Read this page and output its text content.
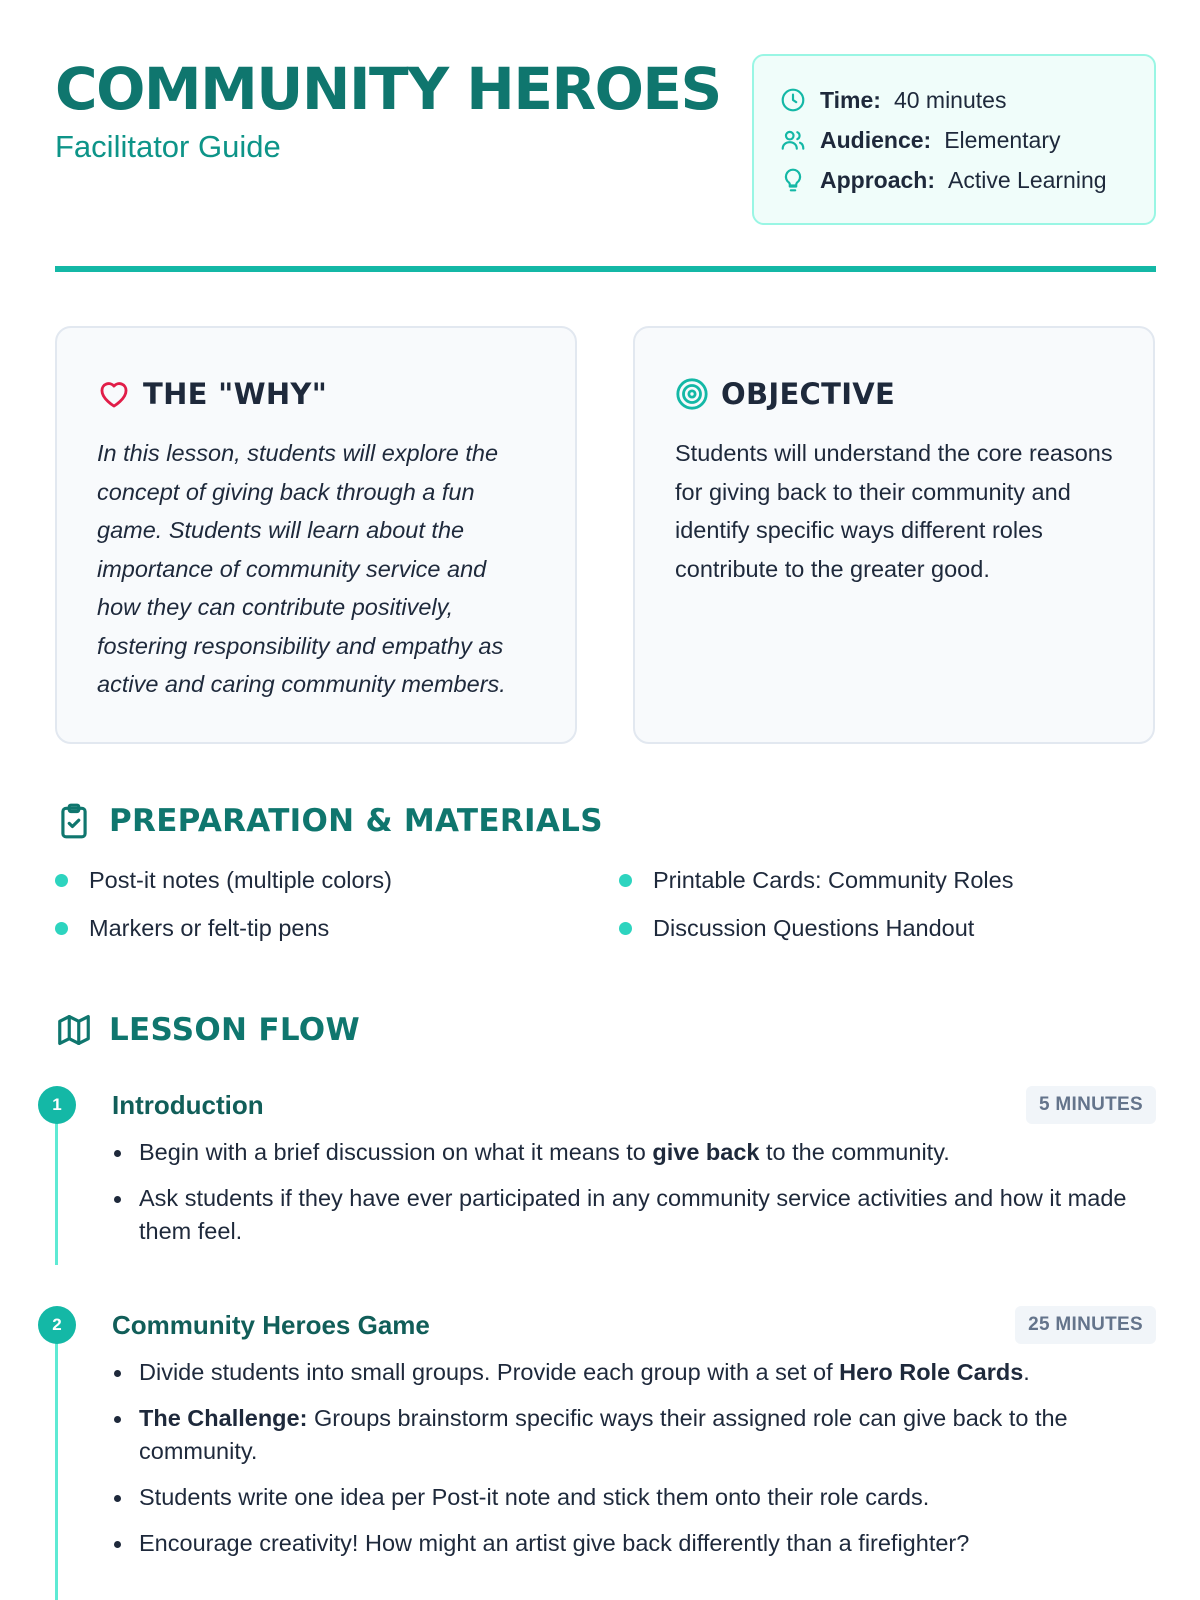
COMMUNITY HEROES
Facilitator Guide
Time: 40 minutes
Audience: Elementary
Approach: Active Learning
THE "WHY"

In this lesson, students will explore the concept of giving back through a fun game. Students will learn about the importance of community service and how they can contribute positively, fostering responsibility and empathy as active and caring community members.

OBJECTIVE

Students will understand the core reasons for giving back to their community and identify specific ways different roles contribute to the greater good.

PREPARATION & MATERIALS
Post-it notes (multiple colors)	Printable Cards: Community Roles
Markers or felt-tip pens	Discussion Questions Handout
LESSON FLOW
1	Introduction	5 MINUTES
Begin with a brief discussion on what it means to give back to the community.
Ask students if they have ever participated in any community service activities and how it made them feel.
2	Community Heroes Game	25 MINUTES
Divide students into small groups. Provide each group with a set of Hero Role Cards.
The Challenge: Groups brainstorm specific ways their assigned role can give back to the community.
Students write one idea per Post-it note and stick them onto their role cards.
Encourage creativity! How might an artist give back differently than a firefighter?
